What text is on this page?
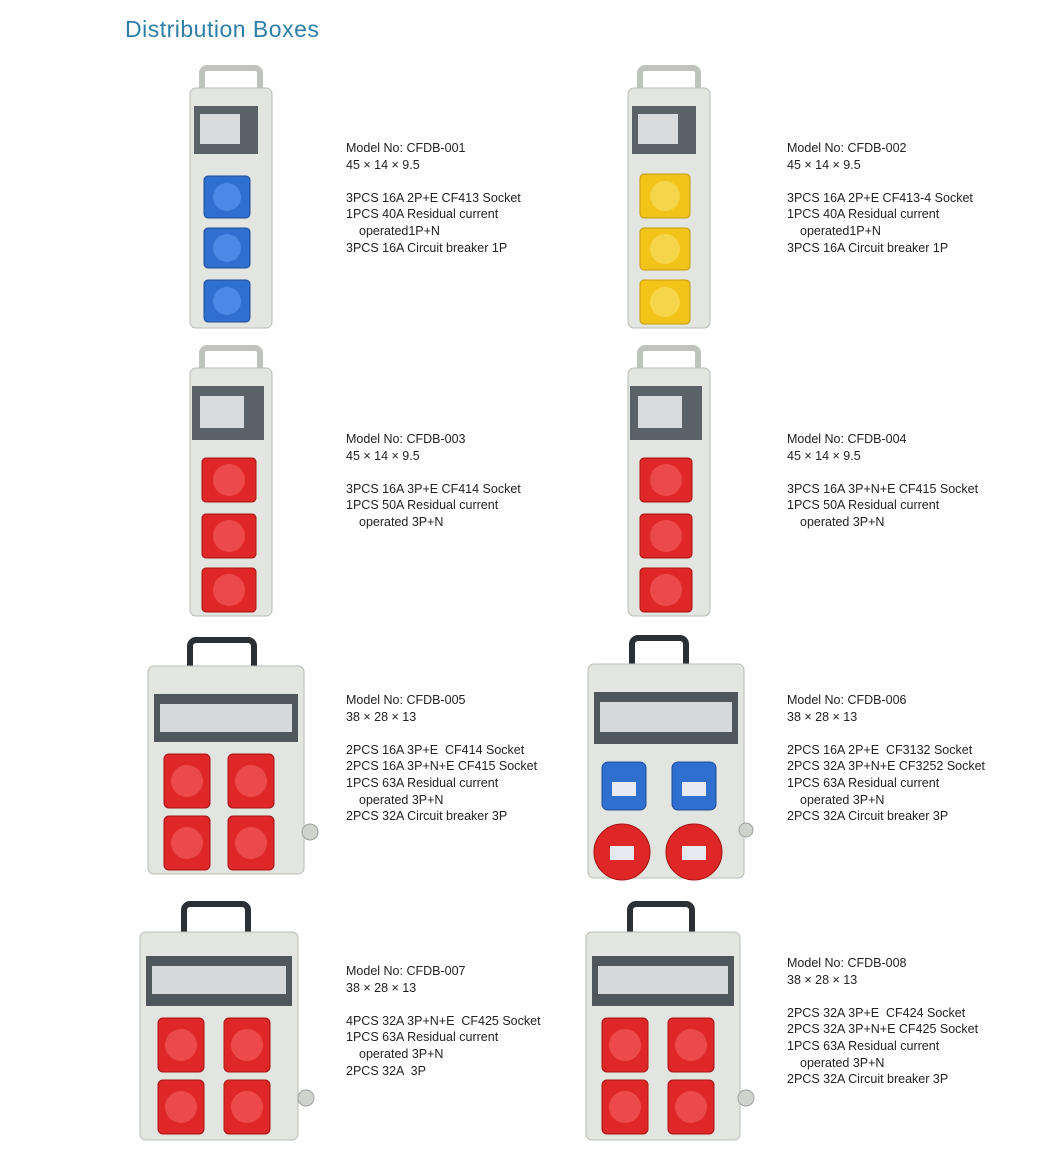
Distribution Boxes
Model No: CFDB-001
45 × 14 × 9.5
3PCS 16A 2P+E CF413 Socket
1PCS 40A Residual current
operated1P+N
3PCS 16A Circuit breaker 1P
Model No: CFDB-002
45 × 14 × 9.5
3PCS 16A 2P+E CF413-4 Socket
1PCS 40A Residual current
operated1P+N
3PCS 16A Circuit breaker 1P
Model No: CFDB-003
45 × 14 × 9.5
3PCS 16A 3P+E CF414 Socket
1PCS 50A Residual current
operated 3P+N
Model No: CFDB-004
45 × 14 × 9.5
3PCS 16A 3P+N+E CF415 Socket
1PCS 50A Residual current
operated 3P+N
Model No: CFDB-005
38 × 28 × 13
2PCS 16A 3P+E  CF414 Socket
2PCS 16A 3P+N+E CF415 Socket
1PCS 63A Residual current
operated 3P+N
2PCS 32A Circuit breaker 3P
Model No: CFDB-006
38 × 28 × 13
2PCS 16A 2P+E  CF3132 Socket
2PCS 32A 3P+N+E CF3252 Socket
1PCS 63A Residual current
operated 3P+N
2PCS 32A Circuit breaker 3P
Model No: CFDB-007
38 × 28 × 13
4PCS 32A 3P+N+E  CF425 Socket
1PCS 63A Residual current
operated 3P+N
2PCS 32A  3P
Model No: CFDB-008
38 × 28 × 13
2PCS 32A 3P+E  CF424 Socket
2PCS 32A 3P+N+E CF425 Socket
1PCS 63A Residual current
operated 3P+N
2PCS 32A Circuit breaker 3P
